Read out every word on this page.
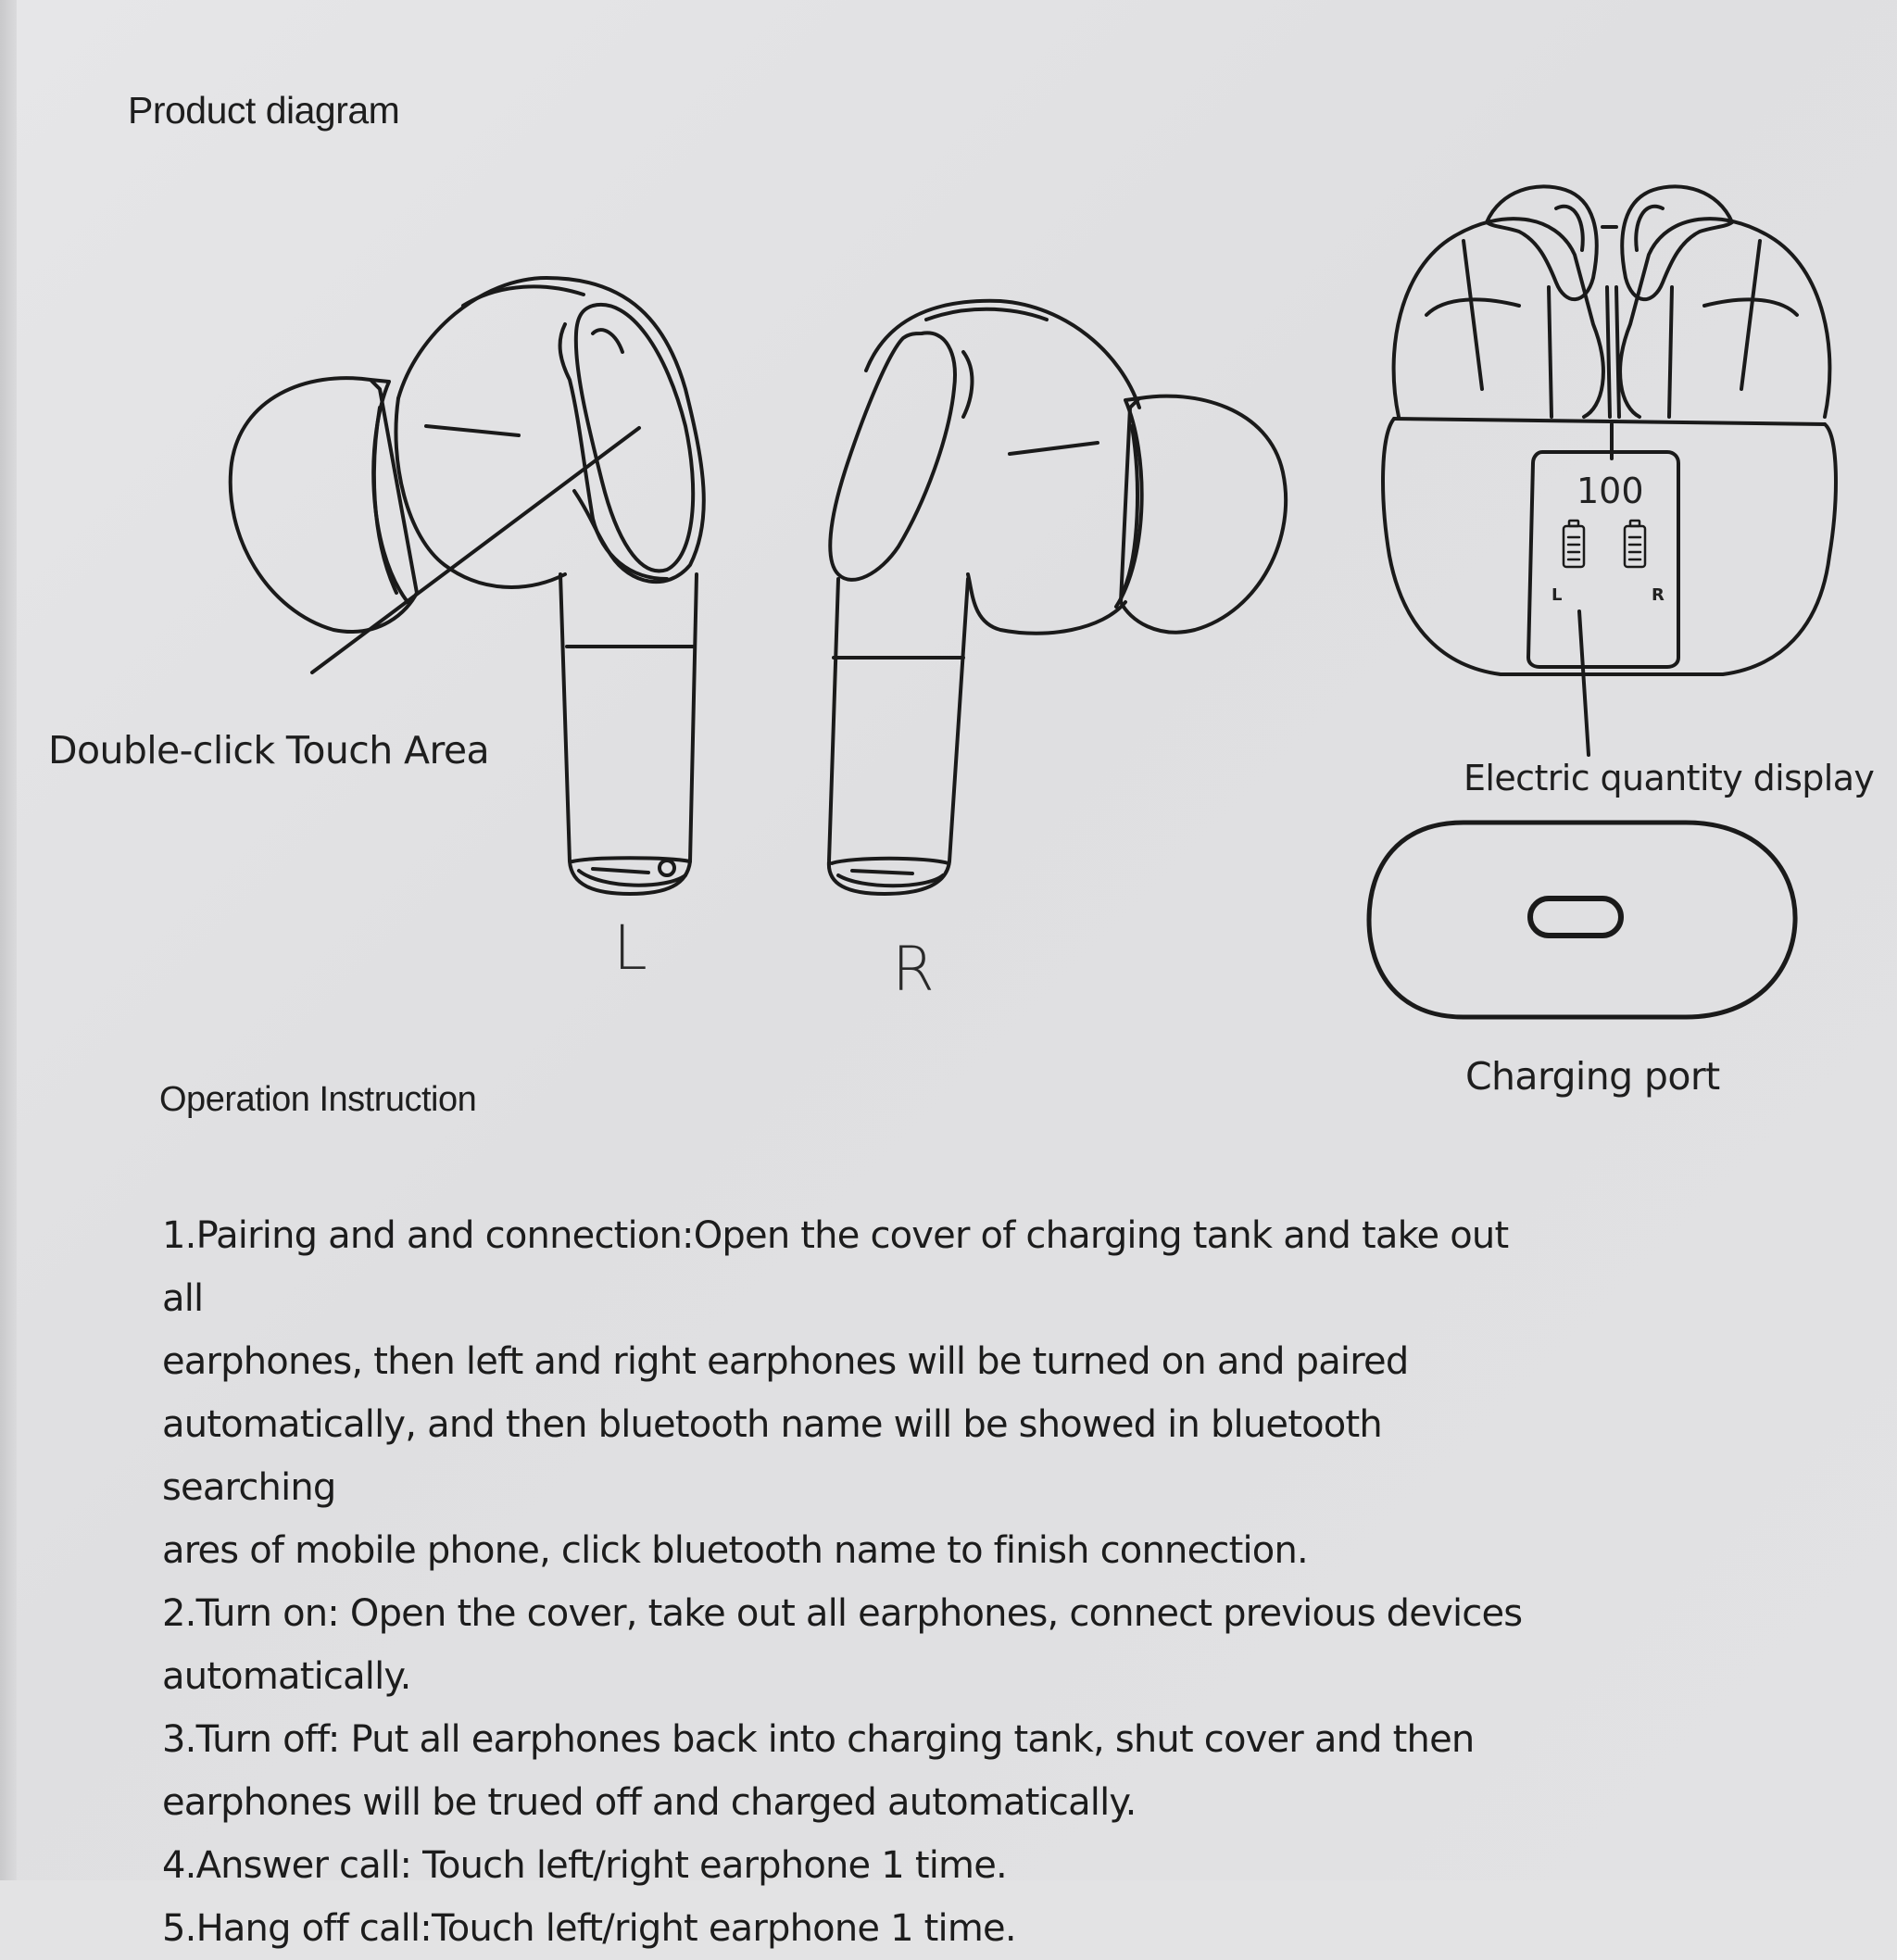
100
L	R
Product diagram
Double-click Touch Area
L	R
Electric quantity display
Charging port
Operation Instruction

1.Pairing and and connection:Open the cover of charging tank and take out all

earphones, then left and right earphones will be turned on and paired

automatically, and then bluetooth name will be showed in bluetooth searching

ares of mobile phone, click bluetooth name to finish connection.

2.Turn on: Open the cover, take out all earphones, connect previous devices

automatically.

3.Turn off: Put all earphones back into charging tank, shut cover and then

earphones will be trued off and charged automatically.

4.Answer call: Touch left/right earphone 1 time.

5.Hang off call:Touch left/right earphone 1 time.
